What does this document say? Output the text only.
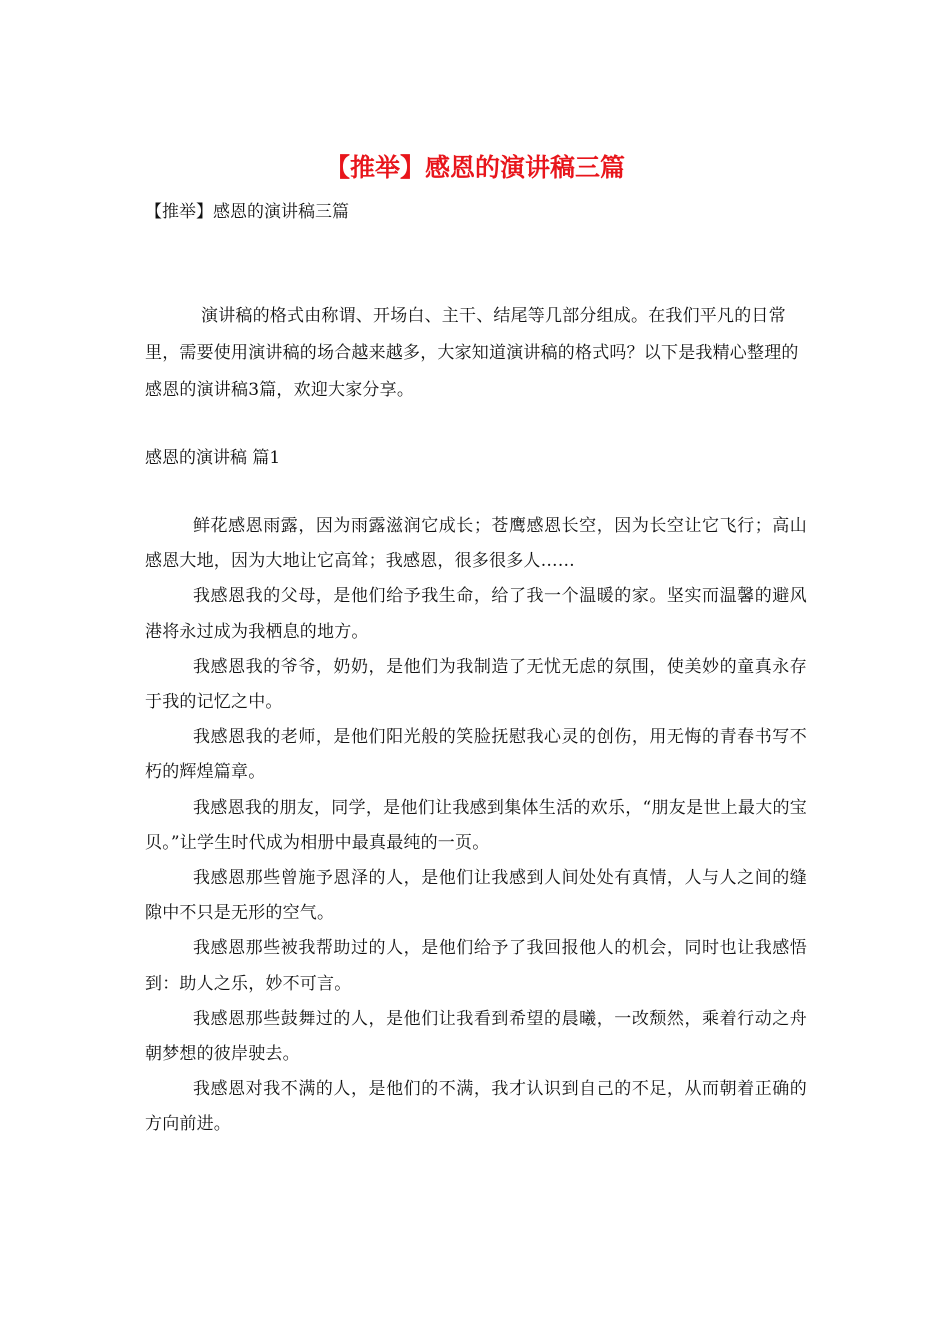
【推举】感恩的演讲稿三篇
【推举】感恩的演讲稿三篇
演讲稿的格式由称谓、开场白、主干、结尾等几部分组成。在我们平凡的日常里，需要使用演讲稿的场合越来越多，大家知道演讲稿的格式吗？以下是我精心整理的感恩的演讲稿3篇，欢迎大家分享。
感恩的演讲稿 篇1

鲜花感恩雨露，因为雨露滋润它成长；苍鹰感恩长空，因为长空让它飞行；高山感恩大地，因为大地让它高耸；我感恩，很多很多人……

我感恩我的父母，是他们给予我生命，给了我一个温暖的家。坚实而温馨的避风港将永过成为我栖息的地方。

我感恩我的爷爷，奶奶，是他们为我制造了无忧无虑的氛围，使美妙的童真永存于我的记忆之中。

我感恩我的老师，是他们阳光般的笑脸抚慰我心灵的创伤，用无悔的青春书写不朽的辉煌篇章。

我感恩我的朋友，同学，是他们让我感到集体生活的欢乐，“朋友是世上最大的宝贝。”让学生时代成为相册中最真最纯的一页。

我感恩那些曾施予恩泽的人，是他们让我感到人间处处有真情，人与人之间的缝隙中不只是无形的空气。

我感恩那些被我帮助过的人，是他们给予了我回报他人的机会，同时也让我感悟到：助人之乐，妙不可言。

我感恩那些鼓舞过的人，是他们让我看到希望的晨曦，一改颓然，乘着行动之舟朝梦想的彼岸驶去。

我感恩对我不满的人，是他们的不满，我才认识到自己的不足，从而朝着正确的方向前进。
